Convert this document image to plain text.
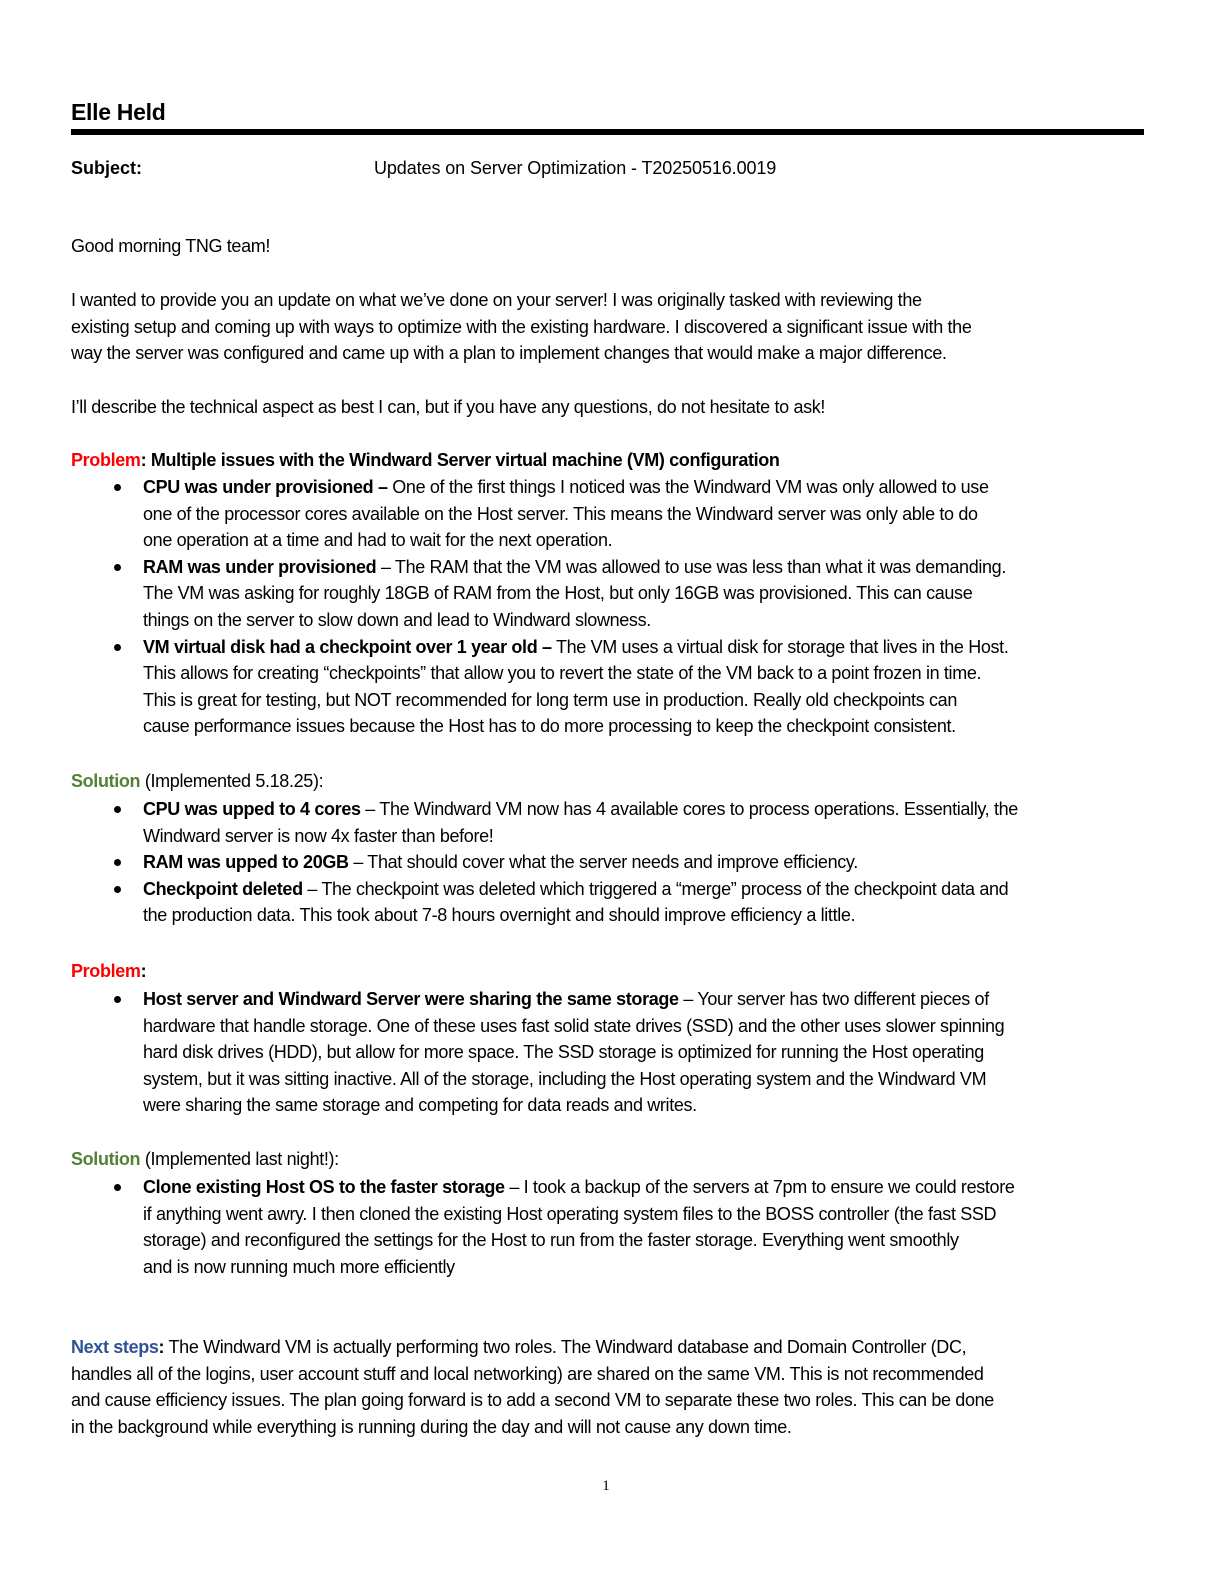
Elle Held
Subject:	Updates on Server Optimization - T20250516.0019
Good morning TNG team!
I wanted to provide you an update on what we’ve done on your server! I was originally tasked with reviewing the
existing setup and coming up with ways to optimize with the existing hardware. I discovered a significant issue with the
way the server was configured and came up with a plan to implement changes that would make a major difference.
I’ll describe the technical aspect as best I can, but if you have any questions, do not hesitate to ask!
Problem: Multiple issues with the Windward Server virtual machine (VM) configuration
CPU was under provisioned – One of the first things I noticed was the Windward VM was only allowed to use
one of the processor cores available on the Host server. This means the Windward server was only able to do
one operation at a time and had to wait for the next operation.
RAM was under provisioned – The RAM that the VM was allowed to use was less than what it was demanding.
The VM was asking for roughly 18GB of RAM from the Host, but only 16GB was provisioned. This can cause
things on the server to slow down and lead to Windward slowness.
VM virtual disk had a checkpoint over 1 year old – The VM uses a virtual disk for storage that lives in the Host.
This allows for creating “checkpoints” that allow you to revert the state of the VM back to a point frozen in time.
This is great for testing, but NOT recommended for long term use in production. Really old checkpoints can
cause performance issues because the Host has to do more processing to keep the checkpoint consistent.
Solution (Implemented 5.18.25):
CPU was upped to 4 cores – The Windward VM now has 4 available cores to process operations. Essentially, the
Windward server is now 4x faster than before!
RAM was upped to 20GB – That should cover what the server needs and improve efficiency.
Checkpoint deleted – The checkpoint was deleted which triggered a “merge” process of the checkpoint data and
the production data. This took about 7-8 hours overnight and should improve efficiency a little.
Problem:
Host server and Windward Server were sharing the same storage – Your server has two different pieces of
hardware that handle storage. One of these uses fast solid state drives (SSD) and the other uses slower spinning
hard disk drives (HDD), but allow for more space. The SSD storage is optimized for running the Host operating
system, but it was sitting inactive. All of the storage, including the Host operating system and the Windward VM
were sharing the same storage and competing for data reads and writes.
Solution (Implemented last night!):
Clone existing Host OS to the faster storage – I took a backup of the servers at 7pm to ensure we could restore
if anything went awry. I then cloned the existing Host operating system files to the BOSS controller (the fast SSD
storage) and reconfigured the settings for the Host to run from the faster storage. Everything went smoothly
and is now running much more efficiently
Next steps: The Windward VM is actually performing two roles. The Windward database and Domain Controller (DC,
handles all of the logins, user account stuff and local networking) are shared on the same VM. This is not recommended
and cause efficiency issues. The plan going forward is to add a second VM to separate these two roles. This can be done
in the background while everything is running during the day and will not cause any down time.
1
